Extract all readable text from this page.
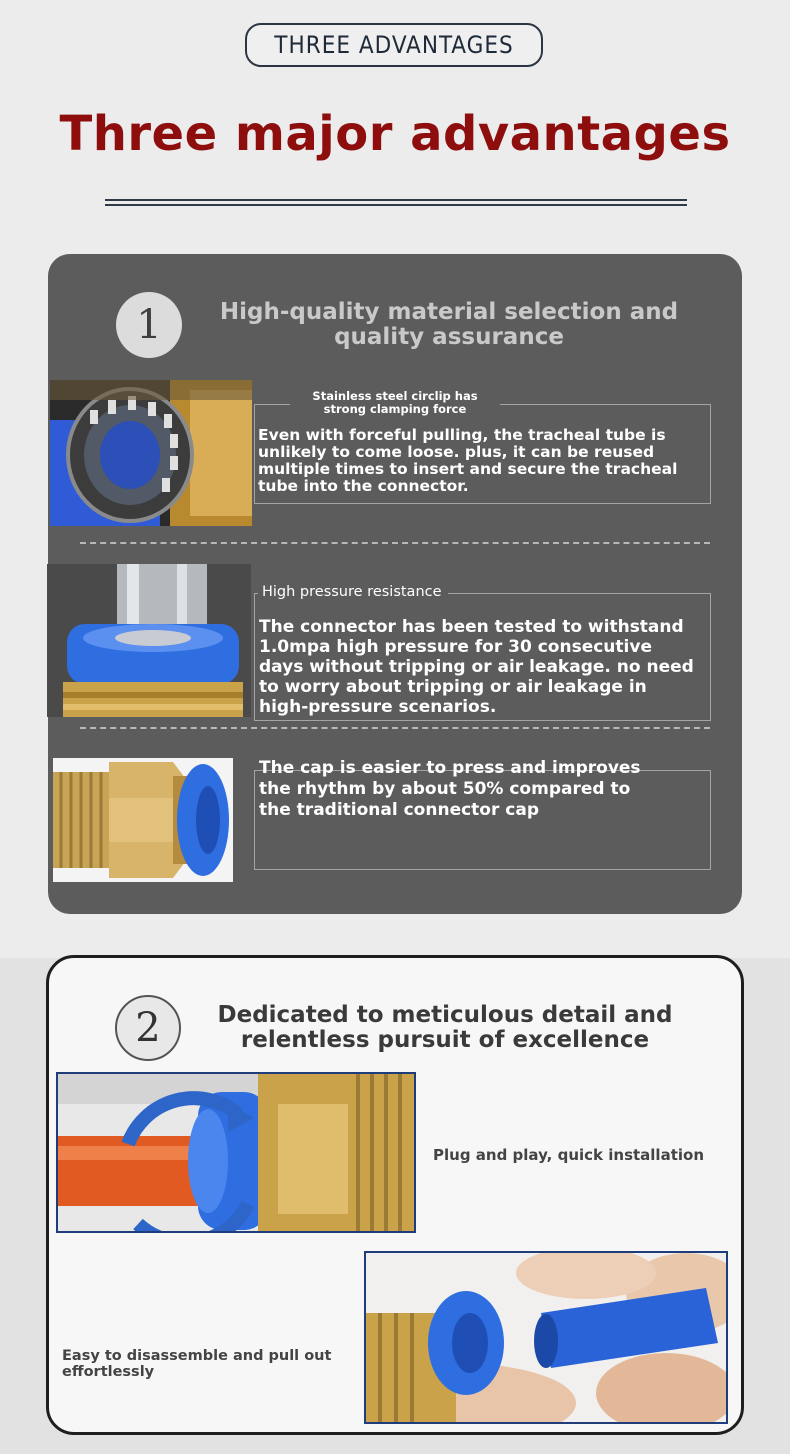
THREE ADVANTAGES
Three major advantages
1	High-quality material selection and quality assurance
Stainless steel circlip has strong clamping force
Even with forceful pulling, the tracheal tube is unlikely to come loose. plus, it can be reused multiple times to insert and secure the tracheal tube into the connector.
High pressure resistance
The connector has been tested to withstand 1.0mpa high pressure for 30 consecutive days without tripping or air leakage. no need to worry about tripping or air leakage in high-pressure scenarios.
The cap is easier to press and improves the rhythm by about 50% compared to the traditional connector cap
2	Dedicated to meticulous detail and relentless pursuit of excellence
Plug and play, quick installation
Easy to disassemble and pull out effortlessly
